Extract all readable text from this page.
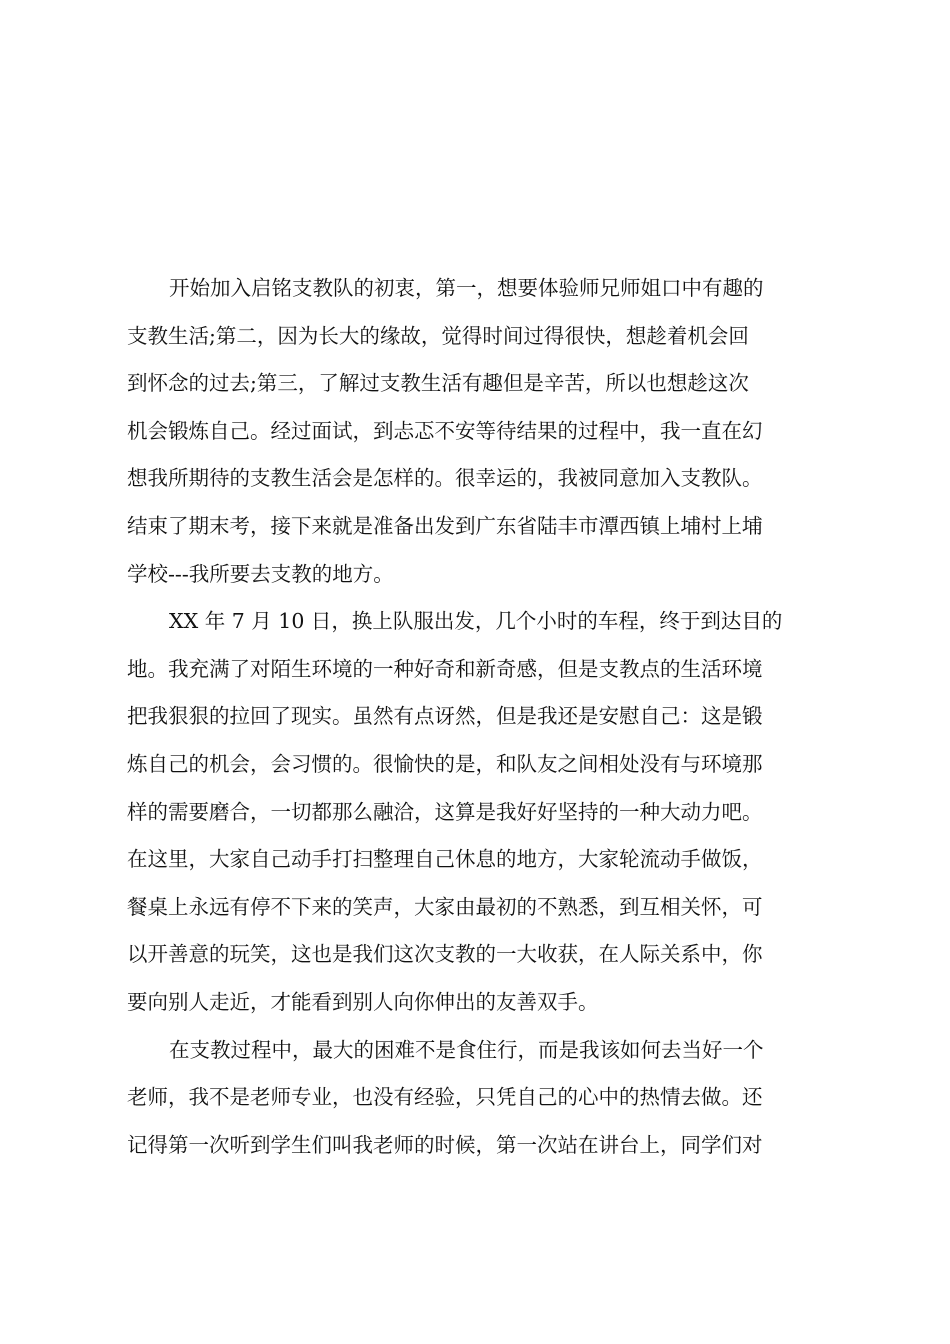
开始加入启铭支教队的初衷，第一，想要体验师兄师姐口中有趣的
支教生活;第二，因为长大的缘故，觉得时间过得很快，想趁着机会回
到怀念的过去;第三，了解过支教生活有趣但是辛苦，所以也想趁这次
机会锻炼自己。经过面试，到忐忑不安等待结果的过程中，我一直在幻
想我所期待的支教生活会是怎样的。很幸运的，我被同意加入支教队。
结束了期末考，接下来就是准备出发到广东省陆丰市潭西镇上埔村上埔
学校---我所要去支教的地方。
XX 年 7 月 10 日，换上队服出发，几个小时的车程，终于到达目的
地。我充满了对陌生环境的一种好奇和新奇感，但是支教点的生活环境
把我狠狠的拉回了现实。虽然有点讶然，但是我还是安慰自己：这是锻
炼自己的机会，会习惯的。很愉快的是，和队友之间相处没有与环境那
样的需要磨合，一切都那么融洽，这算是我好好坚持的一种大动力吧。
在这里，大家自己动手打扫整理自己休息的地方，大家轮流动手做饭，
餐桌上永远有停不下来的笑声，大家由最初的不熟悉，到互相关怀，可
以开善意的玩笑，这也是我们这次支教的一大收获，在人际关系中，你
要向别人走近，才能看到别人向你伸出的友善双手。
在支教过程中，最大的困难不是食住行，而是我该如何去当好一个
老师，我不是老师专业，也没有经验，只凭自己的心中的热情去做。还
记得第一次听到学生们叫我老师的时候，第一次站在讲台上，同学们对
